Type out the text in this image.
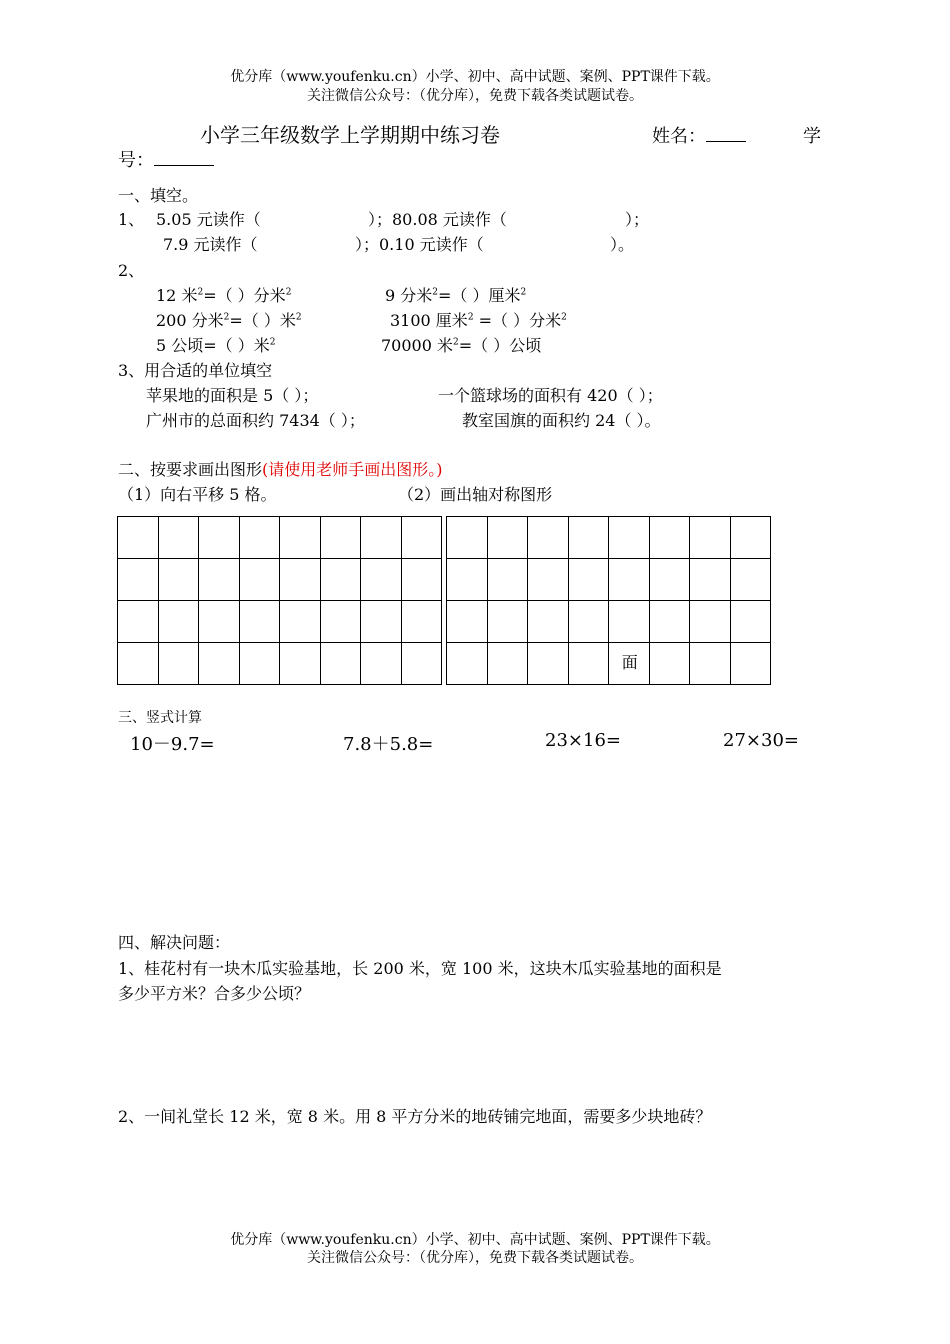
优分库（www.youfenku.cn）小学、初中、高中试题、案例、PPT课件下载。
关注微信公众号：（优分库），免费下载各类试题试卷。
小学三年级数学上学期期中练习卷	姓名：	学
号：
一、填空。
1、 5.05 元读作（	）；80.08 元读作（	）；
7.9 元读作（	）；0.10 元读作（	）。
2、
12 米$^2$=（ ）分米$^2$	9 分米$^2$=（ ）厘米$^2$
200 分米$^2$=（ ）米$^2$	3100 厘米$^2$ =（ ）分米$^2$
5 公顷=（ ）米$^2$	70000 米$^2$=（ ）公顷
3、用合适的单位填空
苹果地的面积是 5（ ）；	一个篮球场的面积有 420（ ）；
广州市的总面积约 7434（ ）；	教室国旗的面积约 24（ ）。
二、按要求画出图形(请使用老师手画出图形。)
（1）向右平移 5 格。	（2）画出轴对称图形

				面			
三、竖式计算
10－9.7=	7.8＋5.8=	23×16=	27×30=
四、解决问题：
1、桂花村有一块木瓜实验基地，长 200 米，宽 100 米，这块木瓜实验基地的面积是
多少平方米？合多少公顷？
2、一间礼堂长 12 米，宽 8 米。用 8 平方分米的地砖铺完地面，需要多少块地砖？
优分库（www.youfenku.cn）小学、初中、高中试题、案例、PPT课件下载。
关注微信公众号：（优分库），免费下载各类试题试卷。
